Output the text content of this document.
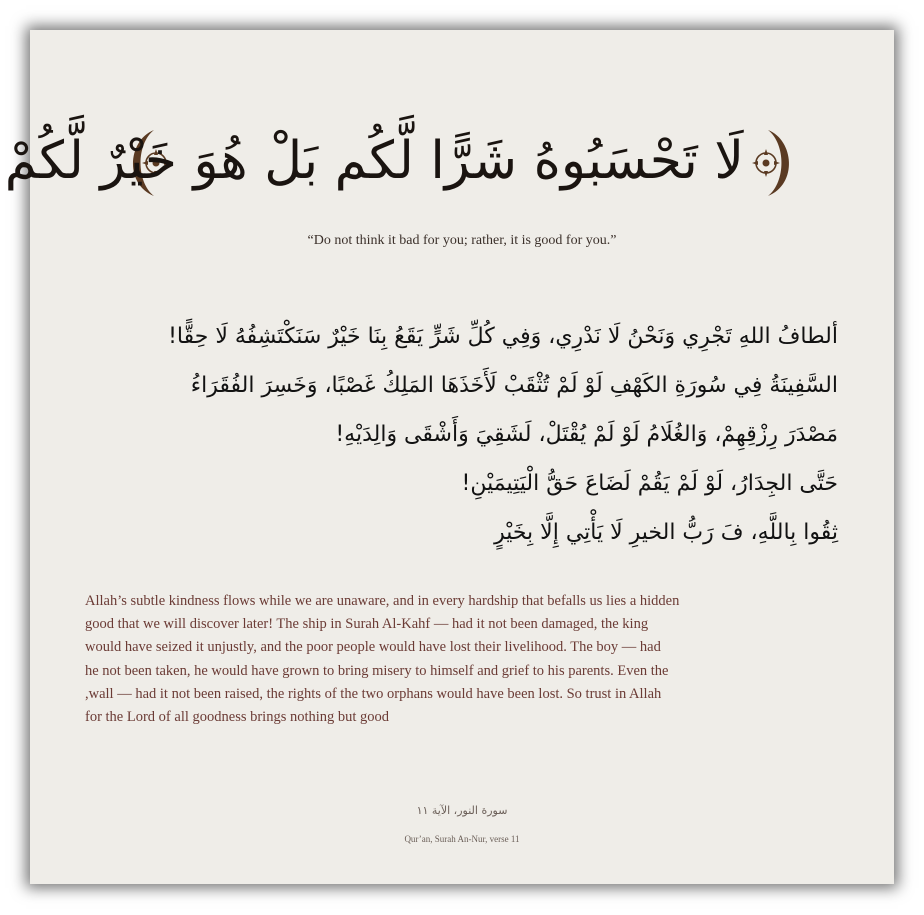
لَا تَحْسَبُوهُ شَرًّا لَّكُم بَلْ هُوَ خَيْرٌ لَّكُمْ
“Do not think it bad for you; rather, it is good for you.”
ألطافُ اللهِ تَجْرِي وَنَحْنُ لَا نَدْرِي، وَفِي كُلِّ شَرٍّ يَقَعُ بِنَا خَيْرٌ سَنَكْتَشِفُهُ لَا حِقًّا!
السَّفِينَةُ فِي سُورَةِ الكَهْفِ لَوْ لَمْ تُثْقَبْ لَأَخَذَهَا المَلِكُ غَصْبًا، وَخَسِرَ الفُقَرَاءُ
مَصْدَرَ رِزْقِهِمْ، وَالغُلَامُ لَوْ لَمْ يُقْتَلْ، لَشَقِيَ وَأَشْقَى وَالِدَيْهِ!
حَتَّى الجِدَارُ، لَوْ لَمْ يَقُمْ لَضَاعَ حَقُّ الْيَتِيمَيْنِ!
ثِقُوا بِاللَّهِ، فَ رَبُّ الخيرِ لَا يَأْتِي إِلَّا بِخَيْرٍ
Allah’s subtle kindness flows while we are unaware, and in every hardship that befalls us lies a hidden
good that we will discover later! The ship in Surah Al-Kahf — had it not been damaged, the king
would have seized it unjustly, and the poor people would have lost their livelihood. The boy — had
he not been taken, he would have grown to bring misery to himself and grief to his parents. Even the
,wall — had it not been raised, the rights of the two orphans would have been lost. So trust in Allah
for the Lord of all goodness brings nothing but good
سورة النور، الآية ١١
Qur’an, Surah An-Nur, verse 11
